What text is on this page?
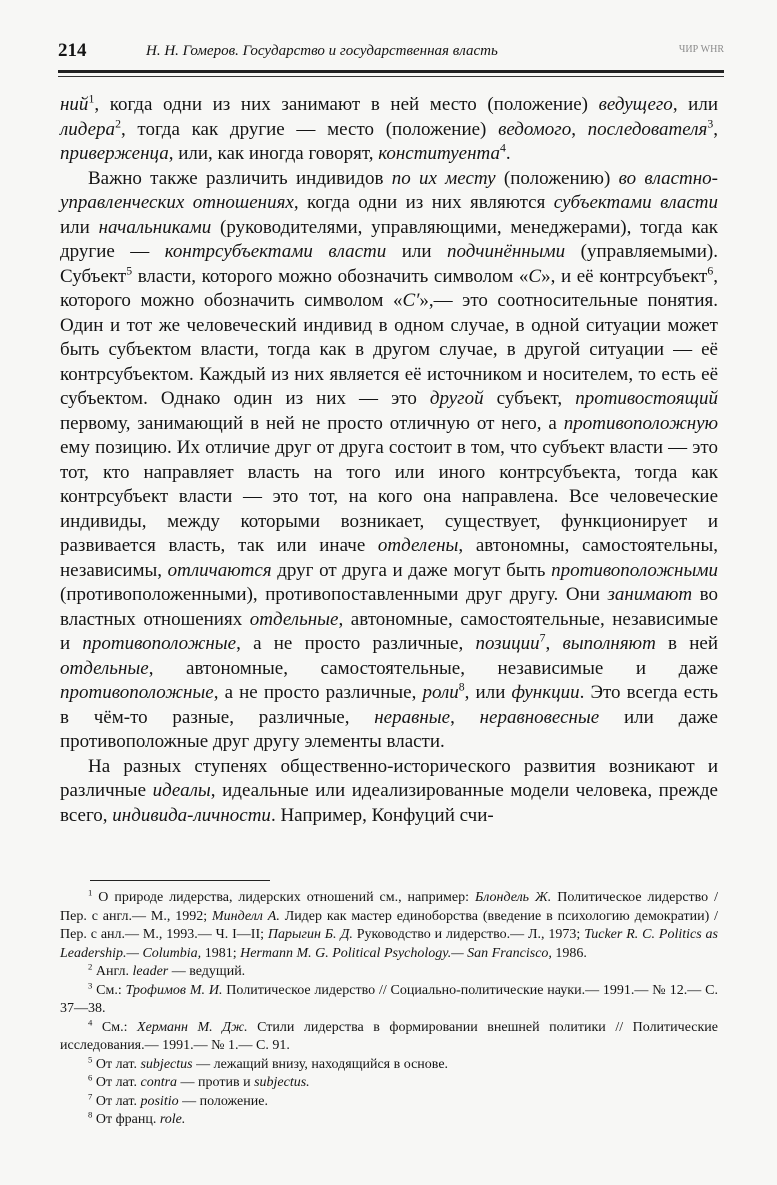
214	Н. Н. Гомеров. Государство и государственная власть	ЧИР WHR

ний$^1$, когда одни из них занимают в ней место (положение) ведущего, или лидера$^2$, тогда как другие — место (положение) ведомого, последователя$^3$, приверженца, или, как иногда говорят, конституента$^4$.

Важно также различить индивидов по их месту (положению) во властно-управленческих отношениях, когда одни из них являются субъектами власти или начальниками (руководителями, управляющими, менеджерами), тогда как другие — контрсубъектами власти или подчинёнными (управляемыми). Субъект$^5$ власти, которого можно обозначить символом «С», и её контрсубъект$^6$, которого можно обозначить символом «С′»,— это соотносительные понятия. Один и тот же человеческий индивид в одном случае, в одной ситуации может быть субъектом власти, тогда как в другом случае, в другой ситуации — её контрсубъектом. Каждый из них является её источником и носителем, то есть её субъектом. Однако один из них — это другой субъект, противостоящий первому, занимающий в ней не просто отличную от него, а противоположную ему позицию. Их отличие друг от друга состоит в том, что субъект власти — это тот, кто направляет власть на того или иного контрсубъекта, тогда как контрсубъект власти — это тот, на кого она направлена. Все человеческие индивиды, между которыми возникает, существует, функционирует и развивается власть, так или иначе отделены, автономны, самостоятельны, независимы, отличаются друг от друга и даже могут быть противоположными (противоположенными), противопоставленными друг другу. Они занимают во властных отношениях отдельные, автономные, самостоятельные, независимые и противоположные, а не просто различные, позиции$^7$, выполняют в ней отдельные, автономные, самостоятельные, независимые и даже противоположные, а не просто различные, роли$^8$, или функции. Это всегда есть в чём-то разные, различные, неравные, неравновесные или даже противоположные друг другу элементы власти.

На разных ступенях общественно-исторического развития возникают и различные идеалы, идеальные или идеализированные модели человека, прежде всего, индивида-личности. Например, Конфуций счи-

$^1$ О природе лидерства, лидерских отношений см., например: Блондель Ж. Политическое лидерство / Пер. с англ.— М., 1992; Минделл А. Лидер как мастер единоборства (введение в психологию демократии) / Пер. с анл.— М., 1993.— Ч. I—II; Парыгин Б. Д. Руководство и лидерство.— Л., 1973; Tucker R. C. Politics as Leadership.— Columbia, 1981; Hermann M. G. Political Psychology.— San Francisco, 1986.

$^2$ Англ. leader — ведущий.

$^3$ См.: Трофимов М. И. Политическое лидерство // Социально-политические науки.— 1991.— № 12.— С. 37—38.

$^4$ См.: Херманн М. Дж. Стили лидерства в формировании внешней политики // Политические исследования.— 1991.— № 1.— С. 91.

$^5$ От лат. subjectus — лежащий внизу, находящийся в основе.

$^6$ От лат. contra — против и subjectus.

$^7$ От лат. positio — положение.

$^8$ От франц. role.
